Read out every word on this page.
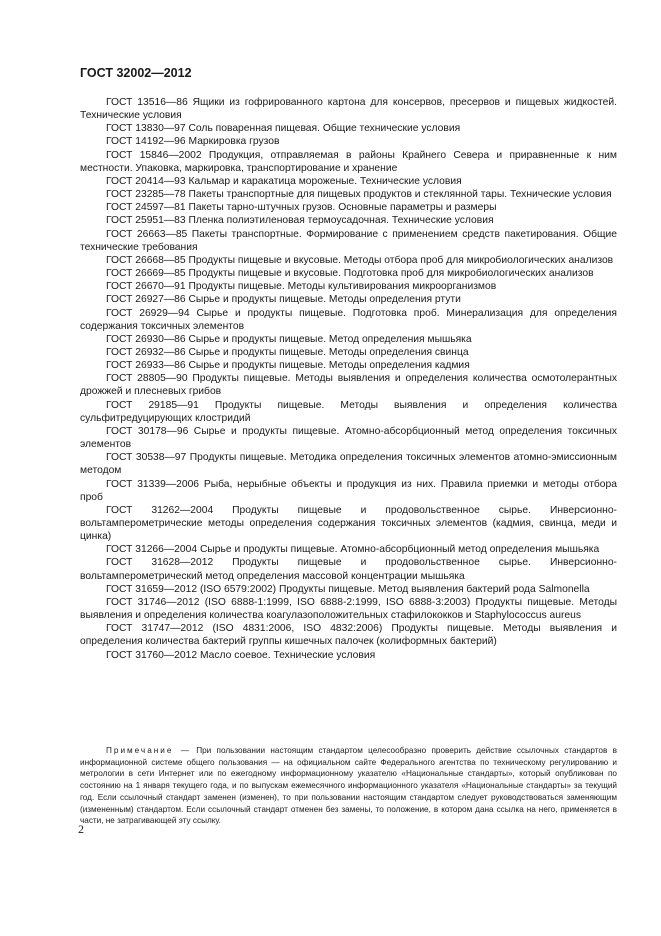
ГОСТ 32002—2012

ГОСТ 13516—86 Ящики из гофрированного картона для консервов, пресервов и пищевых жидкостей. Технические условия

ГОСТ 13830—97 Соль поваренная пищевая. Общие технические условия

ГОСТ 14192—96 Маркировка грузов

ГОСТ 15846—2002 Продукция, отправляемая в районы Крайнего Севера и приравненные к ним местности. Упаковка, маркировка, транспортирование и хранение

ГОСТ 20414—93 Кальмар и каракатица мороженые. Технические условия

ГОСТ 23285—78 Пакеты транспортные для пищевых продуктов и стеклянной тары. Технические условия

ГОСТ 24597—81 Пакеты тарно-штучных грузов. Основные параметры и размеры

ГОСТ 25951—83 Пленка полиэтиленовая термоусадочная. Технические условия

ГОСТ 26663—85 Пакеты транспортные. Формирование с применением средств пакетирования. Общие технические требования

ГОСТ 26668—85 Продукты пищевые и вкусовые. Методы отбора проб для микробиологических анализов

ГОСТ 26669—85 Продукты пищевые и вкусовые. Подготовка проб для микробиологических анализов

ГОСТ 26670—91 Продукты пищевые. Методы культивирования микроорганизмов

ГОСТ 26927—86 Сырье и продукты пищевые. Методы определения ртути

ГОСТ 26929—94 Сырье и продукты пищевые. Подготовка проб. Минерализация для определения содержания токсичных элементов

ГОСТ 26930—86 Сырье и продукты пищевые. Метод определения мышьяка

ГОСТ 26932—86 Сырье и продукты пищевые. Методы определения свинца

ГОСТ 26933—86 Сырье и продукты пищевые. Методы определения кадмия

ГОСТ 28805—90 Продукты пищевые. Методы выявления и определения количества осмотолерантных дрожжей и плесневых грибов

ГОСТ 29185—91 Продукты пищевые. Методы выявления и определения количества сульфитредуцирующих клостридий

ГОСТ 30178—96 Сырье и продукты пищевые. Атомно-абсорбционный метод определения токсичных элементов

ГОСТ 30538—97 Продукты пищевые. Методика определения токсичных элементов атомно-эмиссионным методом

ГОСТ 31339—2006 Рыба, нерыбные объекты и продукция из них. Правила приемки и методы отбора проб

ГОСТ 31262—2004 Продукты пищевые и продовольственное сырье. Инверсионно-вольтамперометрические методы определения содержания токсичных элементов (кадмия, свинца, меди и цинка)

ГОСТ 31266—2004 Сырье и продукты пищевые. Атомно-абсорбционный метод определения мышьяка

ГОСТ 31628—2012 Продукты пищевые и продовольственное сырье. Инверсионно-вольтамперометрический метод определения массовой концентрации мышьяка

ГОСТ 31659—2012 (ISO 6579:2002) Продукты пищевые. Метод выявления бактерий рода Salmonella

ГОСТ 31746—2012 (ISO 6888-1:1999, ISO 6888-2:1999, ISO 6888-3:2003) Продукты пищевые. Методы выявления и определения количества коагулазоположительных стафилококков и Staphylococcus aureus

ГОСТ 31747—2012 (ISO 4831:2006, ISO 4832:2006) Продукты пищевые. Методы выявления и определения количества бактерий группы кишечных палочек (колиформных бактерий)

ГОСТ 31760—2012 Масло соевое. Технические условия

Примечание — При пользовании настоящим стандартом целесообразно проверить действие ссылочных стандартов в информационной системе общего пользования — на официальном сайте Федерального агентства по техническому регулированию и метрологии в сети Интернет или по ежегодному информационному указателю «Национальные стандарты», который опубликован по состоянию на 1 января текущего года, и по выпускам ежемесячного информационного указателя «Национальные стандарты» за текущий год. Если ссылочный стандарт заменен (изменен), то при пользовании настоящим стандартом следует руководствоваться заменяющим (измененным) стандартом. Если ссылочный стандарт отменен без замены, то положение, в котором дана ссылка на него, применяется в части, не затрагивающей эту ссылку.

2
